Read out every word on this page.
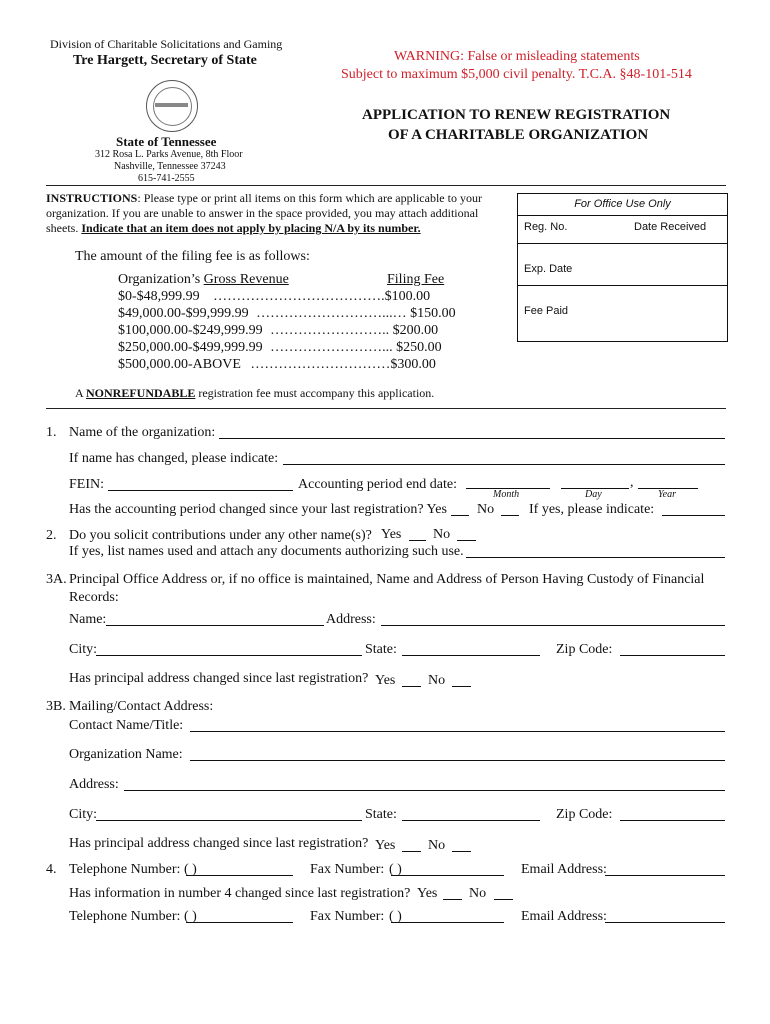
Division of Charitable Solicitations and Gaming
Tre Hargett, Secretary of State	WARNING: False or misleading statements
Subject to maximum $5,000 civil penalty. T.C.A. §48-101-514
APPLICATION TO RENEW REGISTRATION
OF A CHARITABLE ORGANIZATION
State of Tennessee
312 Rosa L. Parks Avenue, 8th Floor
Nashville, Tennessee 37243
615-741-2555
INSTRUCTIONS: Please type or print all items on this form which are applicable to your
organization. If you are unable to answer in the space provided, you may attach additional
sheets. Indicate that an item does not apply by placing N/A by its number.
For Office Use Only
Reg. No.	Date Received
Exp. Date
Fee Paid
The amount of the filing fee is as follows:
Organization’s Gross Revenue	Filing Fee
$0-$48,999.99 ……………………………….$100.00
$49,000.00-$99,999.99 ………………………...… $150.00
$100,000.00-$249,999.99 …………………….. $200.00
$250,000.00-$499,999.99 ……………………... $250.00
$500,000.00-ABOVE …………………………$300.00
A NONREFUNDABLE registration fee must accompany this application.
1. Name of the organization:
If name has changed, please indicate:
FEIN:	Accounting period end date:	,
Month	Day	Year
Has the accounting period changed since your last registration? Yes No If yes, please indicate:
2. Do you solicit contributions under any other name(s)? Yes No
If yes, list names used and attach any documents authorizing such use.
3A. Principal Office Address or, if no office is maintained, Name and Address of Person Having Custody of Financial
Records:
Name:	Address:
City:	State:	Zip Code:
Has principal address changed since last registration? Yes No
3B. Mailing/Contact Address:
Contact Name/Title:
Organization Name:
Address:
City:	State:	Zip Code:
Has principal address changed since last registration? Yes No
4. Telephone Number: ( )	Fax Number: ( )	Email Address:
Has information in number 4 changed since last registration? Yes No
Telephone Number: ( )	Fax Number: ( )	Email Address:
